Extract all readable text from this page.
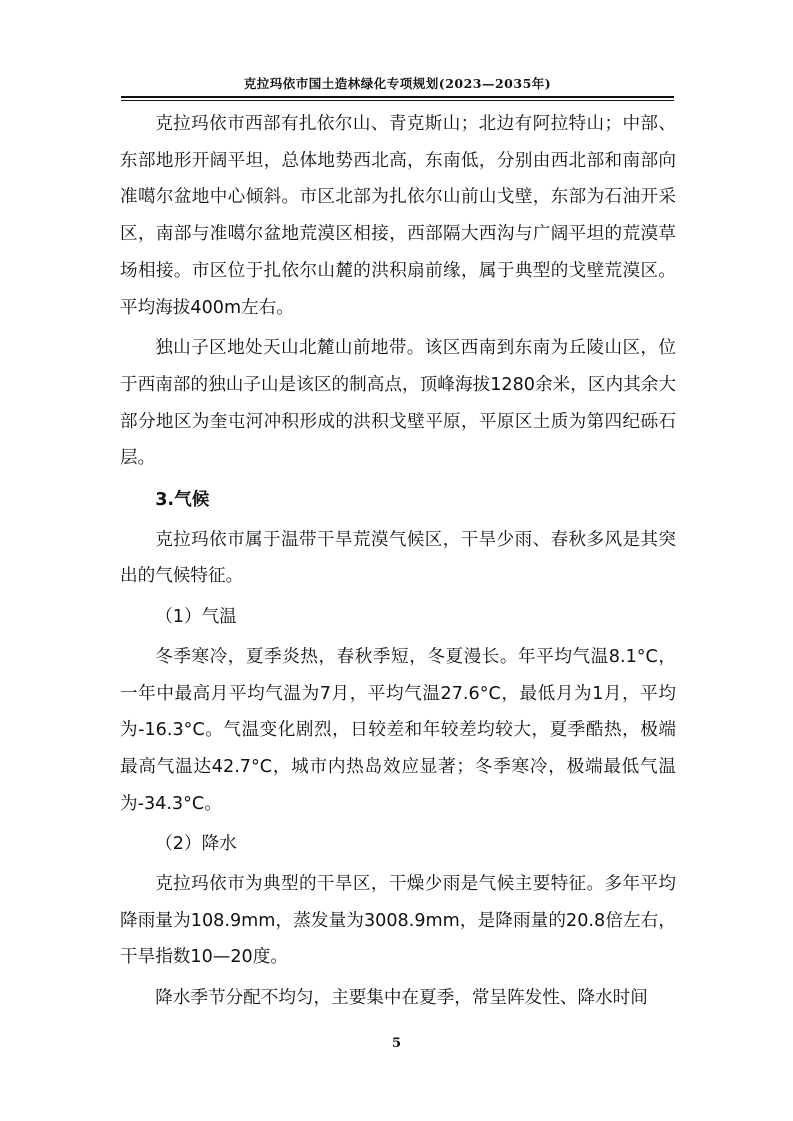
克拉玛依市国土造林绿化专项规划(2023—2035年)

克拉玛依市西部有扎依尔山、青克斯山；北边有阿拉特山；中部、东部地形开阔平坦，总体地势西北高，东南低，分别由西北部和南部向准噶尔盆地中心倾斜。市区北部为扎依尔山前山戈壁，东部为石油开采区，南部与准噶尔盆地荒漠区相接，西部隔大西沟与广阔平坦的荒漠草场相接。市区位于扎依尔山麓的洪积扇前缘，属于典型的戈壁荒漠区。平均海拔400m左右。

独山子区地处天山北麓山前地带。该区西南到东南为丘陵山区，位于西南部的独山子山是该区的制高点，顶峰海拔1280余米，区内其余大部分地区为奎屯河冲积形成的洪积戈壁平原，平原区土质为第四纪砾石层。

3.气候

克拉玛依市属于温带干旱荒漠气候区，干旱少雨、春秋多风是其突出的气候特征。

（1）气温

冬季寒冷，夏季炎热，春秋季短，冬夏漫长。年平均气温8.1°C，一年中最高月平均气温为7月，平均气温27.6°C，最低月为1月，平均为-16.3°C。气温变化剧烈，日较差和年较差均较大，夏季酷热，极端最高气温达42.7°C，城市内热岛效应显著；冬季寒冷，极端最低气温为-34.3°C。

（2）降水

克拉玛依市为典型的干旱区，干燥少雨是气候主要特征。多年平均降雨量为108.9mm，蒸发量为3008.9mm，是降雨量的20.8倍左右，干旱指数10—20度。

降水季节分配不均匀，主要集中在夏季，常呈阵发性、降水时间

5
